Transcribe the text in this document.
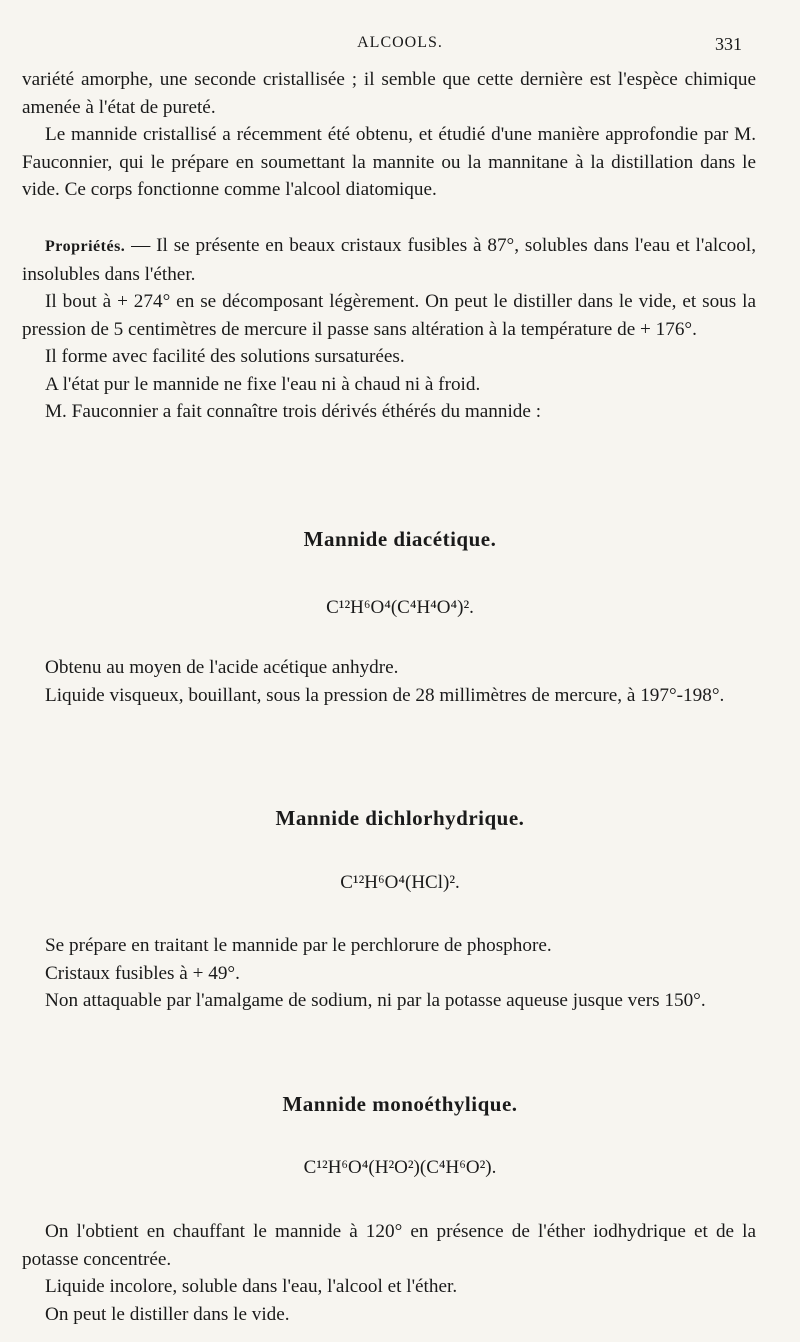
ALCOOLS.	331

variété amorphe, une seconde cristallisée ; il semble que cette dernière est l'espèce chimique amenée à l'état de pureté.

Le mannide cristallisé a récemment été obtenu, et étudié d'une manière approfondie par M. Fauconnier, qui le prépare en soumettant la mannite ou la mannitane à la distillation dans le vide. Ce corps fonctionne comme l'alcool diatomique.

Propriétés. — Il se présente en beaux cristaux fusibles à 87°, solubles dans l'eau et l'alcool, insolubles dans l'éther.

Il bout à + 274° en se décomposant légèrement. On peut le distiller dans le vide, et sous la pression de 5 centimètres de mercure il passe sans altération à la température de + 176°.

Il forme avec facilité des solutions sursaturées.

A l'état pur le mannide ne fixe l'eau ni à chaud ni à froid.

M. Fauconnier a fait connaître trois dérivés éthérés du mannide :

Mannide diacétique.
C¹²H⁶O⁴(C⁴H⁴O⁴)².

Obtenu au moyen de l'acide acétique anhydre.

Liquide visqueux, bouillant, sous la pression de 28 millimètres de mercure, à 197°-198°.

Mannide dichlorhydrique.
C¹²H⁶O⁴(HCl)².

Se prépare en traitant le mannide par le perchlorure de phosphore.

Cristaux fusibles à + 49°.

Non attaquable par l'amalgame de sodium, ni par la potasse aqueuse jusque vers 150°.

Mannide monoéthylique.
C¹²H⁶O⁴(H²O²)(C⁴H⁶O²).

On l'obtient en chauffant le mannide à 120° en présence de l'éther iodhydrique et de la potasse concentrée.

Liquide incolore, soluble dans l'eau, l'alcool et l'éther.

On peut le distiller dans le vide.
